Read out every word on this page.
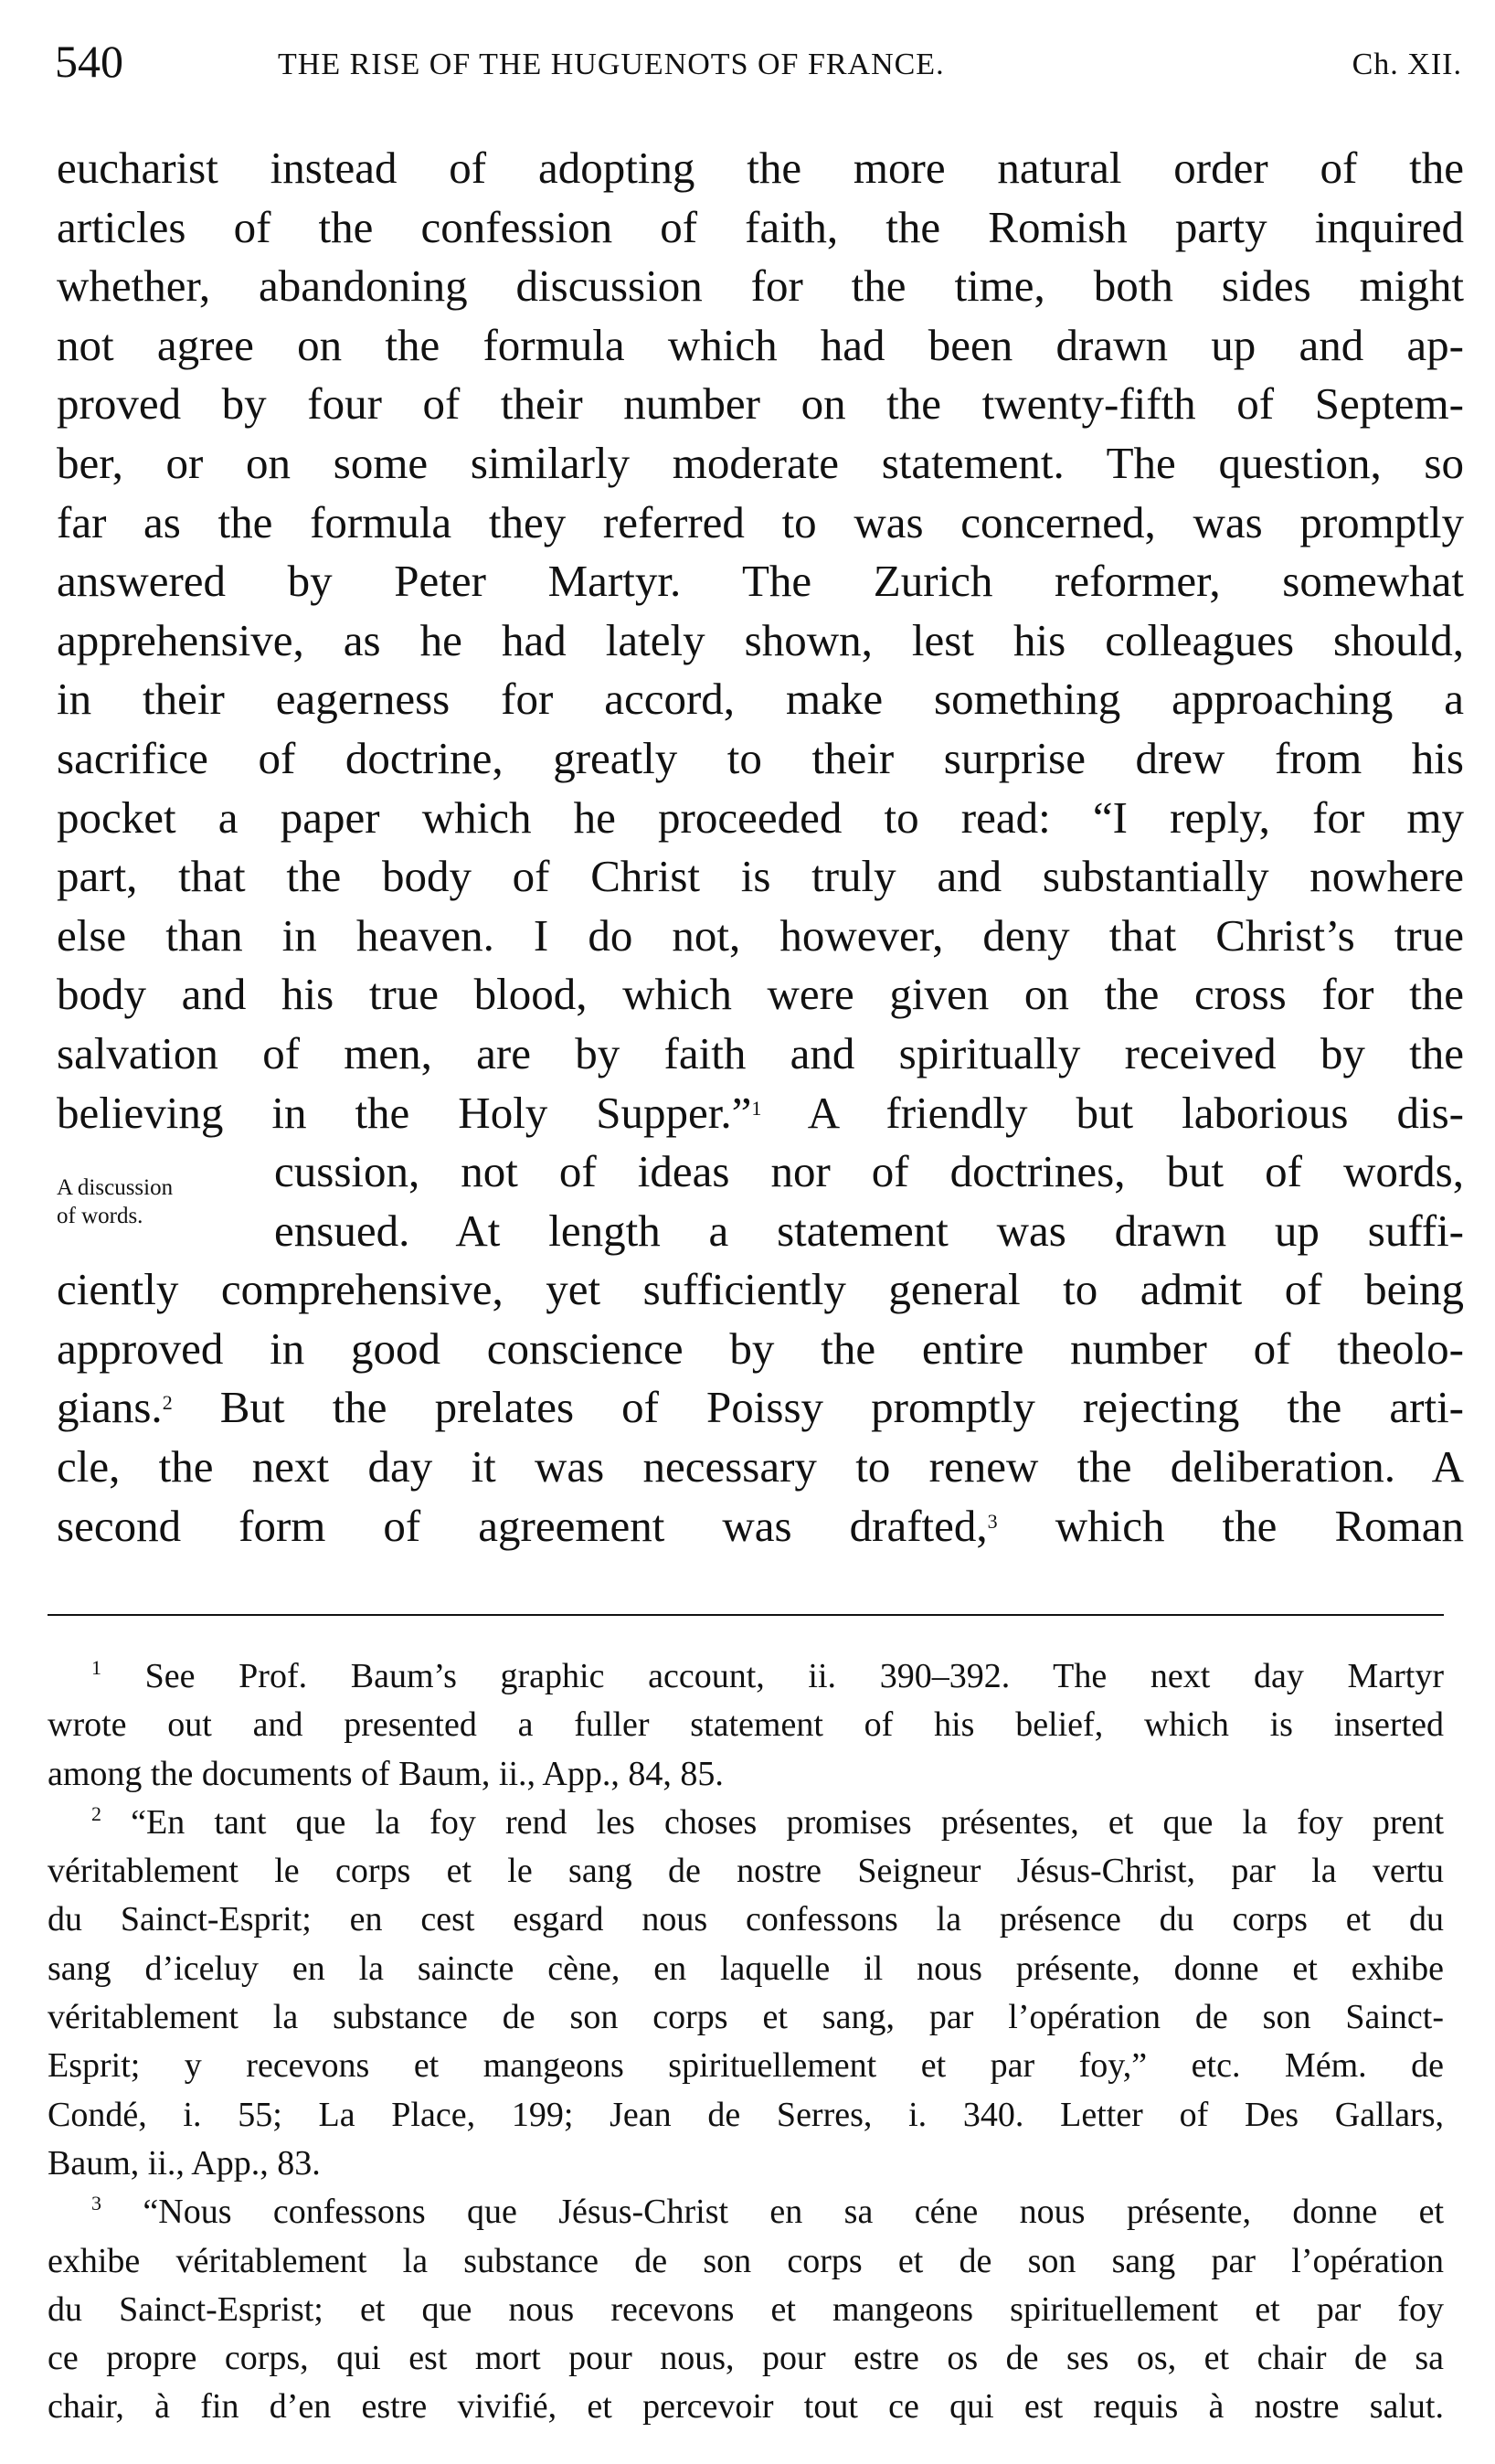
540	THE RISE OF THE HUGUENOTS OF FRANCE.	Ch. XII.
eucharist instead of adopting the more natural order of the
articles of the confession of faith, the Romish party inquired
whether, abandoning discussion for the time, both sides might
not agree on the formula which had been drawn up and ap-
proved by four of their number on the twenty-fifth of Septem-
ber, or on some similarly moderate statement. The question, so
far as the formula they referred to was concerned, was promptly
answered by Peter Martyr. The Zurich reformer, somewhat
apprehensive, as he had lately shown, lest his colleagues should,
in their eagerness for accord, make something approaching a
sacrifice of doctrine, greatly to their surprise drew from his
pocket a paper which he proceeded to read: “I reply, for my
part, that the body of Christ is truly and substantially nowhere
else than in heaven. I do not, however, deny that Christ’s true
body and his true blood, which were given on the cross for the
salvation of men, are by faith and spiritually received by the
believing in the Holy Supper.”$^1$ A friendly but laborious dis-
cussion, not of ideas nor of doctrines, but of words,
ensued. At length a statement was drawn up suffi-
ciently comprehensive, yet sufficiently general to admit of being
approved in good conscience by the entire number of theolo-
gians.$^2$ But the prelates of Poissy promptly rejecting the arti-
cle, the next day it was necessary to renew the deliberation. A
second form of agreement was drafted,$^3$ which the Roman
A discussion
of words.
$^1$ See Prof. Baum’s graphic account, ii. 390–392. The next day Martyr
wrote out and presented a fuller statement of his belief, which is inserted
among the documents of Baum, ii., App., 84, 85.
$^2$ “En tant que la foy rend les choses promises présentes, et que la foy prent
véritablement le corps et le sang de nostre Seigneur Jésus-Christ, par la vertu
du Sainct-Esprit; en cest esgard nous confessons la présence du corps et du
sang d’iceluy en la saincte cène, en laquelle il nous présente, donne et exhibe
véritablement la substance de son corps et sang, par l’opération de son Sainct-
Esprit; y recevons et mangeons spirituellement et par foy,” etc. Mém. de
Condé, i. 55; La Place, 199; Jean de Serres, i. 340. Letter of Des Gallars,
Baum, ii., App., 83.
$^3$ “Nous confessons que Jésus-Christ en sa céne nous présente, donne et
exhibe véritablement la substance de son corps et de son sang par l’opération
du Sainct-Esprist; et que nous recevons et mangeons spirituellement et par foy
ce propre corps, qui est mort pour nous, pour estre os de ses os, et chair de sa
chair, à fin d’en estre vivifié, et percevoir tout ce qui est requis à nostre salut.
